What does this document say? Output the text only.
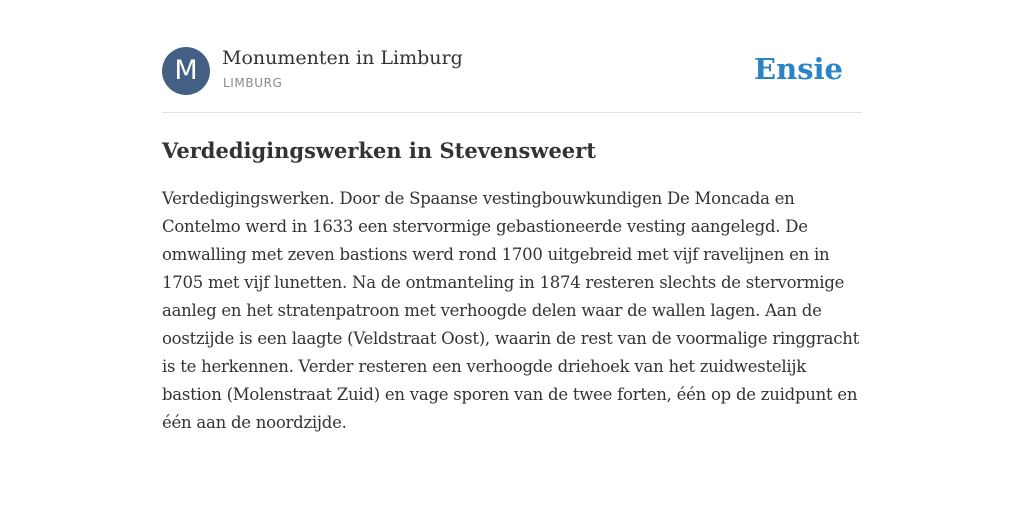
M	Monumenten in Limburg
LIMBURG	Ensie
Verdedigingswerken in Stevensweert

Verdedigingswerken. Door de Spaanse vestingbouwkundigen De Moncada en Contelmo werd in 1633 een stervormige gebastioneerde vesting aangelegd. De omwalling met zeven bastions werd rond 1700 uitgebreid met vijf ravelijnen en in 1705 met vijf lunetten. Na de ontmanteling in 1874 resteren slechts de stervormige aanleg en het stratenpatroon met verhoogde delen waar de wallen lagen. Aan de oostzijde is een laagte (Veldstraat Oost), waarin de rest van de voormalige ringgracht is te herkennen. Verder resteren een verhoogde driehoek van het zuidwestelijk bastion (Molenstraat Zuid) en vage sporen van de twee forten, één op de zuidpunt en één aan de noordzijde.
